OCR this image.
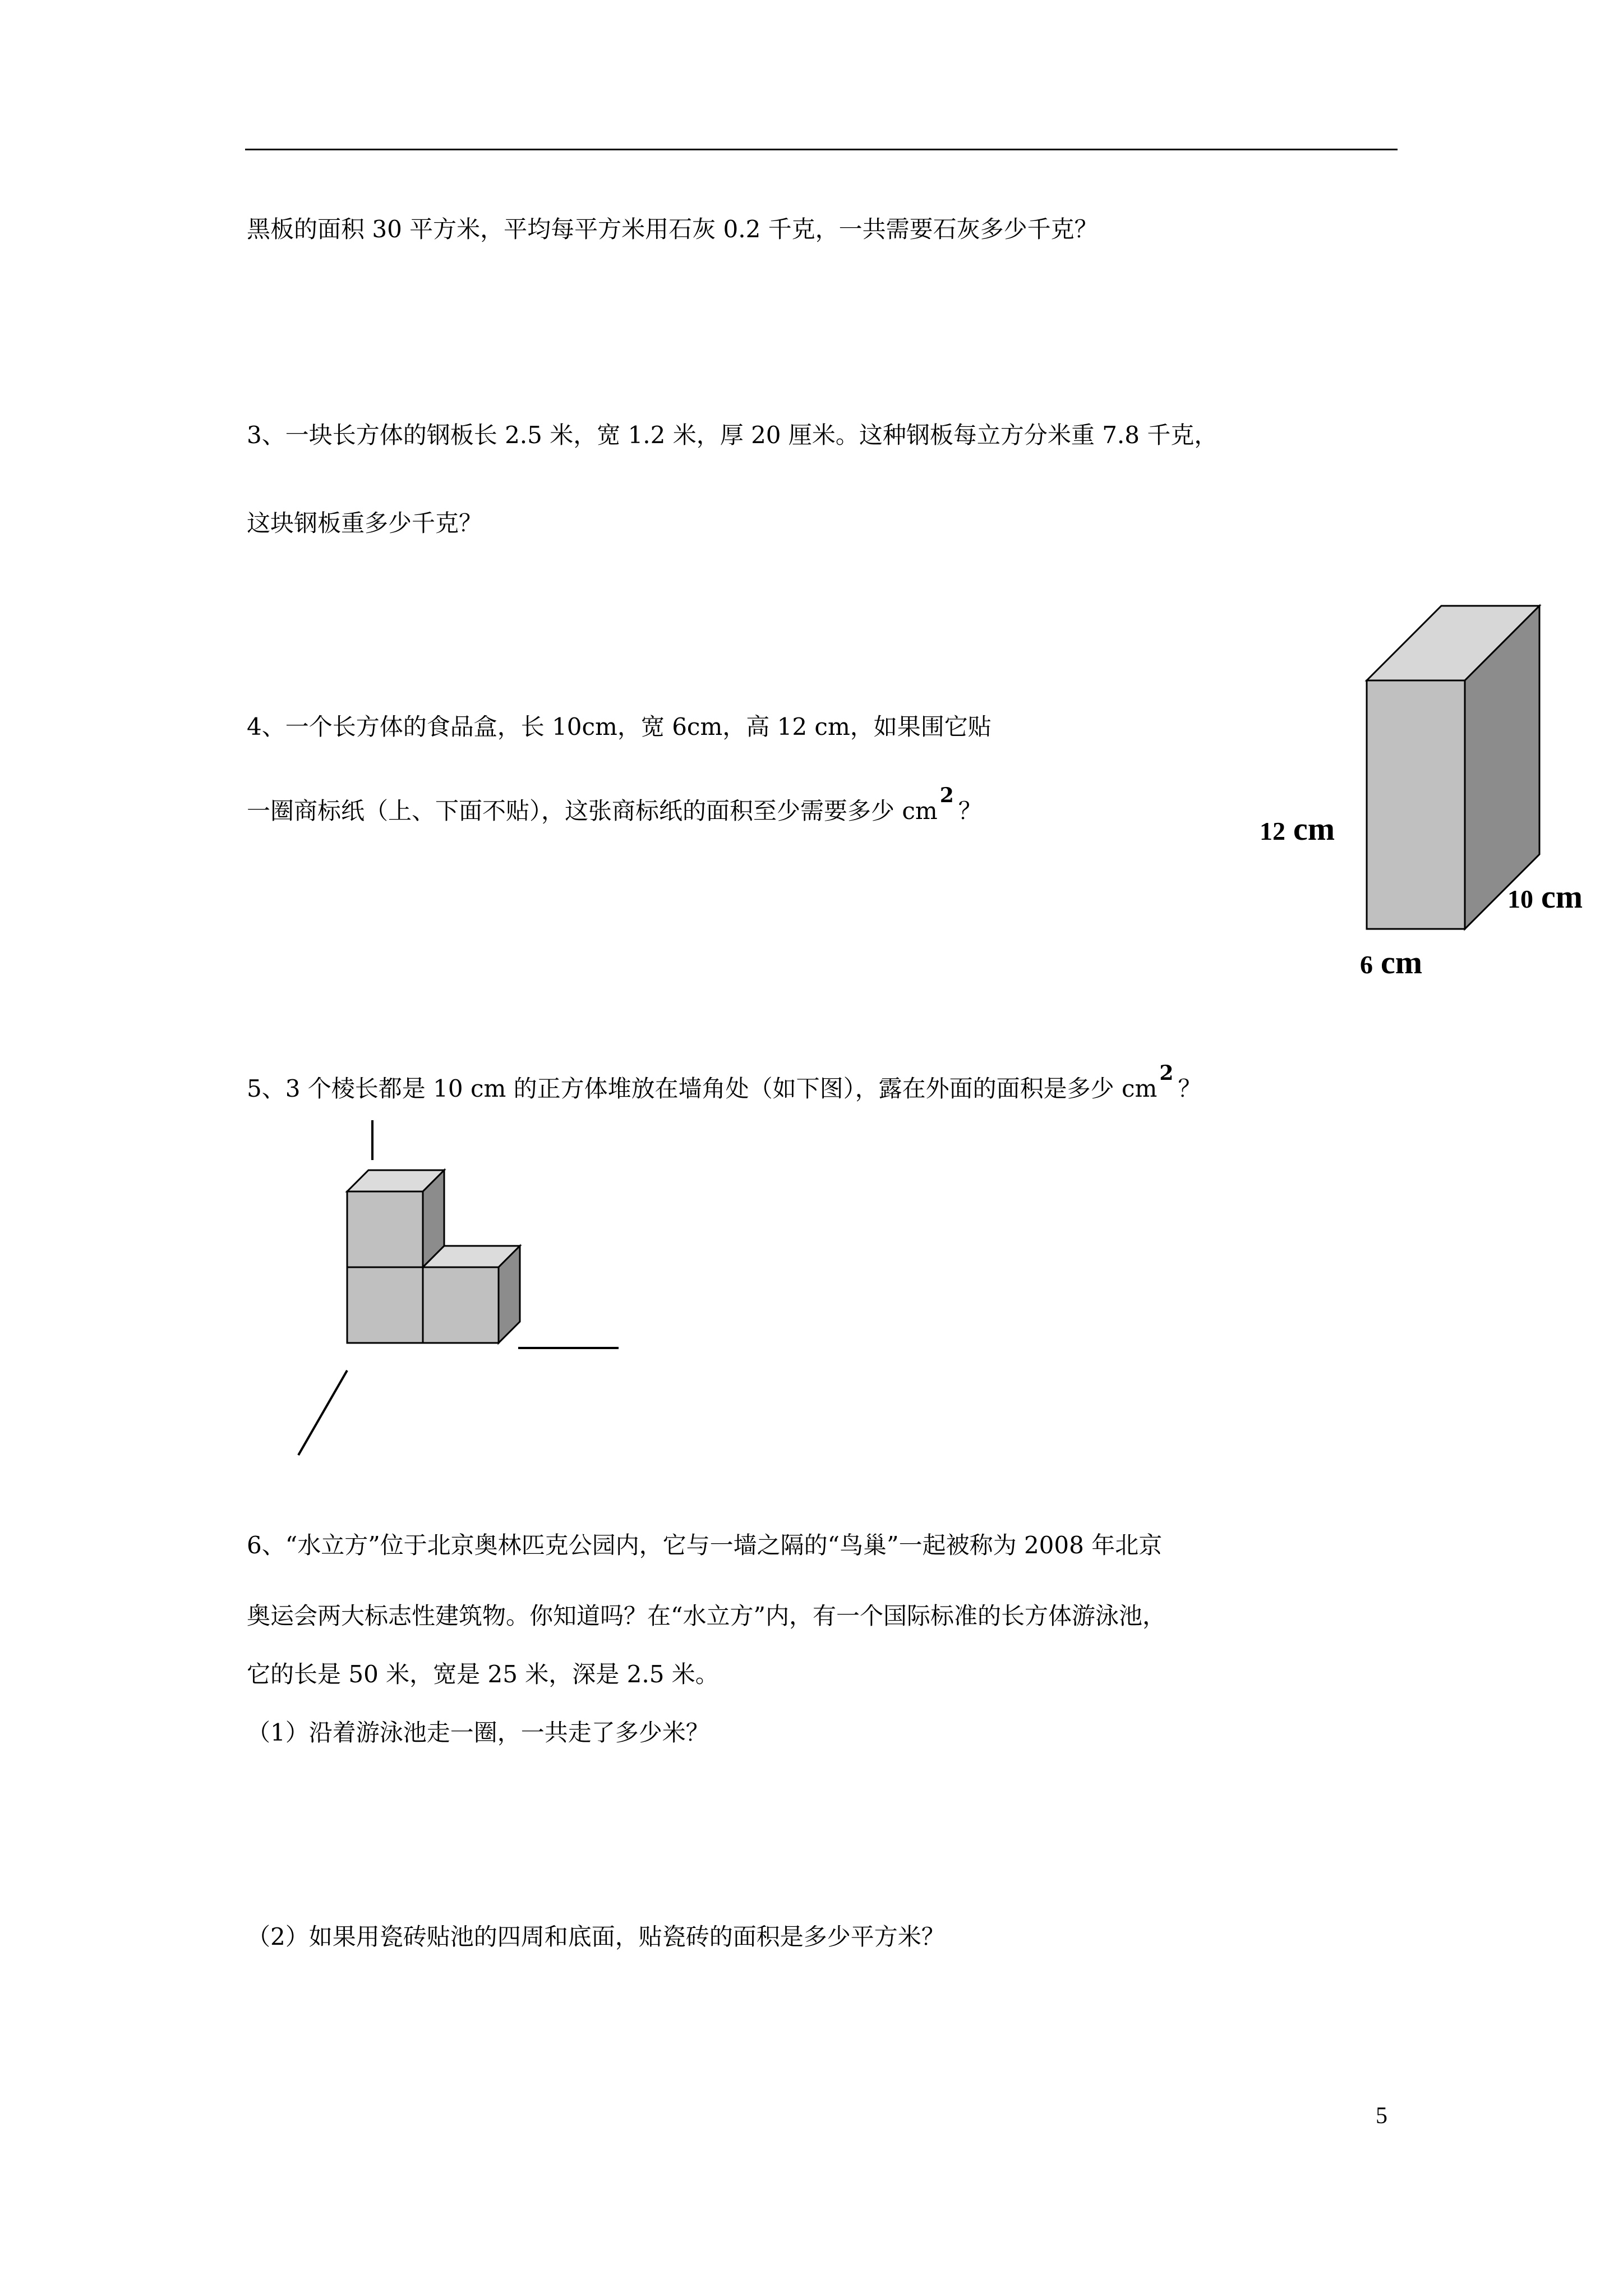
黑板的面积 30 平方米，平均每平方米用石灰 0.2 千克，一共需要石灰多少千克？
3、一块长方体的钢板长 2.5 米，宽 1.2 米，厚 20 厘米。这种钢板每立方分米重 7.8 千克，
这块钢板重多少千克？
4、一个长方体的食品盒，长 10cm，宽 6cm，高 12 cm，如果围它贴
一圈商标纸（上、下面不贴），这张商标纸的面积至少需要多少 cm2？
12 cm
10 cm
6 cm
5、3 个棱长都是 10 cm 的正方体堆放在墙角处（如下图），露在外面的面积是多少 cm2？
6、“水立方”位于北京奥林匹克公园内，它与一墙之隔的“鸟巢”一起被称为 2008 年北京
奥运会两大标志性建筑物。你知道吗？在“水立方”内，有一个国际标准的长方体游泳池，
它的长是 50 米，宽是 25 米，深是 2.5 米。
（1）沿着游泳池走一圈，一共走了多少米？
（2）如果用瓷砖贴池的四周和底面，贴瓷砖的面积是多少平方米？
5
